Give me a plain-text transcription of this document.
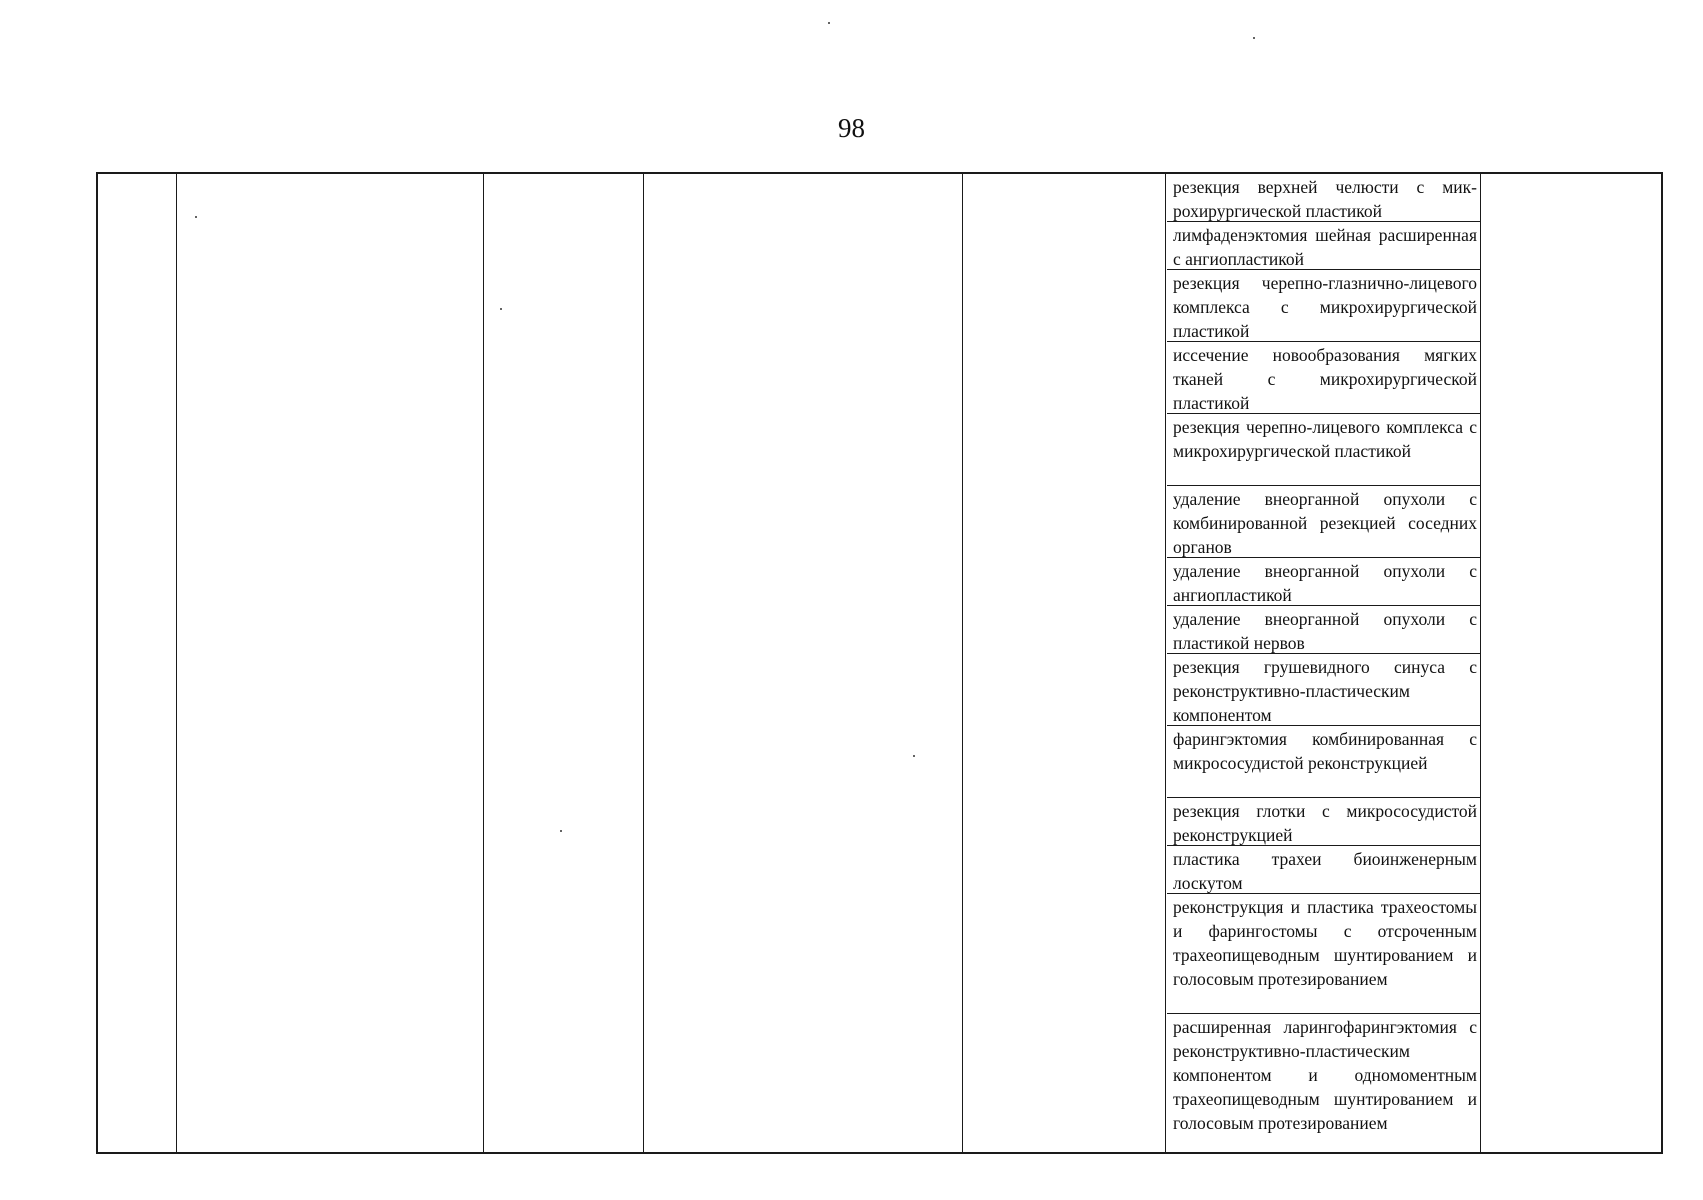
98
резекция верхней челюсти с микрохирургической пластикой
лимфаденэктомия шейная расширенная с ангиопластикой
резекция черепно-глазнично-лицевого комплекса с микрохирургической пластикой
иссечение новообразования мягких тканей с микрохирургической пластикой
резекция черепно-лицевого комплекса с микрохирургической пластикой
удаление внеорганной опухоли с комбинированной резекцией соседних органов
удаление внеорганной опухоли с ангиопластикой
удаление внеорганной опухоли с пластикой нервов
резекция грушевидного синуса с реконструктивно-пластическим компонентом
фарингэктомия комбинированная с микрососудистой реконструкцией
резекция глотки с микрососудистой реконструкцией
пластика трахеи биоинженерным лоскутом
реконструкция и пластика трахеостомы и фарингостомы с отсроченным трахеопищеводным шунтированием и голосовым протезированием
расширенная ларингофарингэктомия с реконструктивно-пластическим компонентом и одномоментным трахеопищеводным шунтированием и голосовым протезированием
